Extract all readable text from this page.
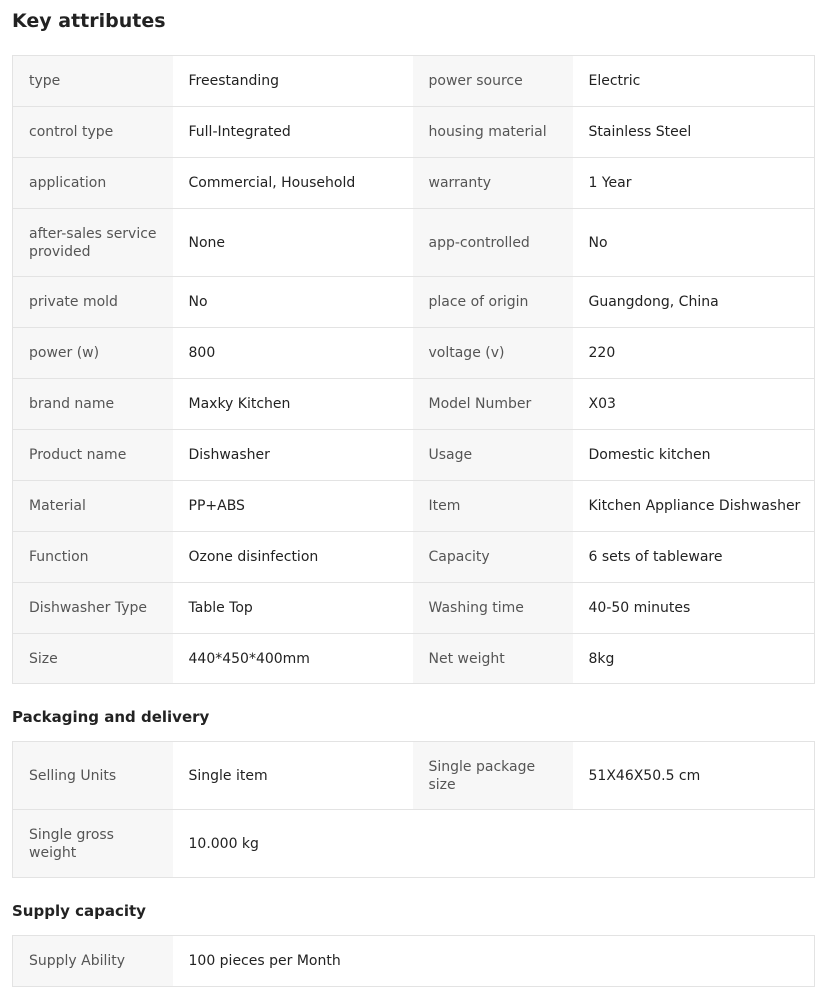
Key attributes
type	Freestanding	power source	Electric
control type	Full-Integrated	housing material	Stainless Steel
application	Commercial, Household	warranty	1 Year
after-sales service provided	None	app-controlled	No
private mold	No	place of origin	Guangdong, China
power (w)	800	voltage (v)	220
brand name	Maxky Kitchen	Model Number	X03
Product name	Dishwasher	Usage	Domestic kitchen
Material	PP+ABS	Item	Kitchen Appliance Dishwasher
Function	Ozone disinfection	Capacity	6 sets of tableware
Dishwasher Type	Table Top	Washing time	40-50 minutes
Size	440*450*400mm	Net weight	8kg
Packaging and delivery
Selling Units	Single item	Single package size	51X46X50.5 cm
Single gross weight	10.000 kg		
Supply capacity
Supply Ability	100 pieces per Month
